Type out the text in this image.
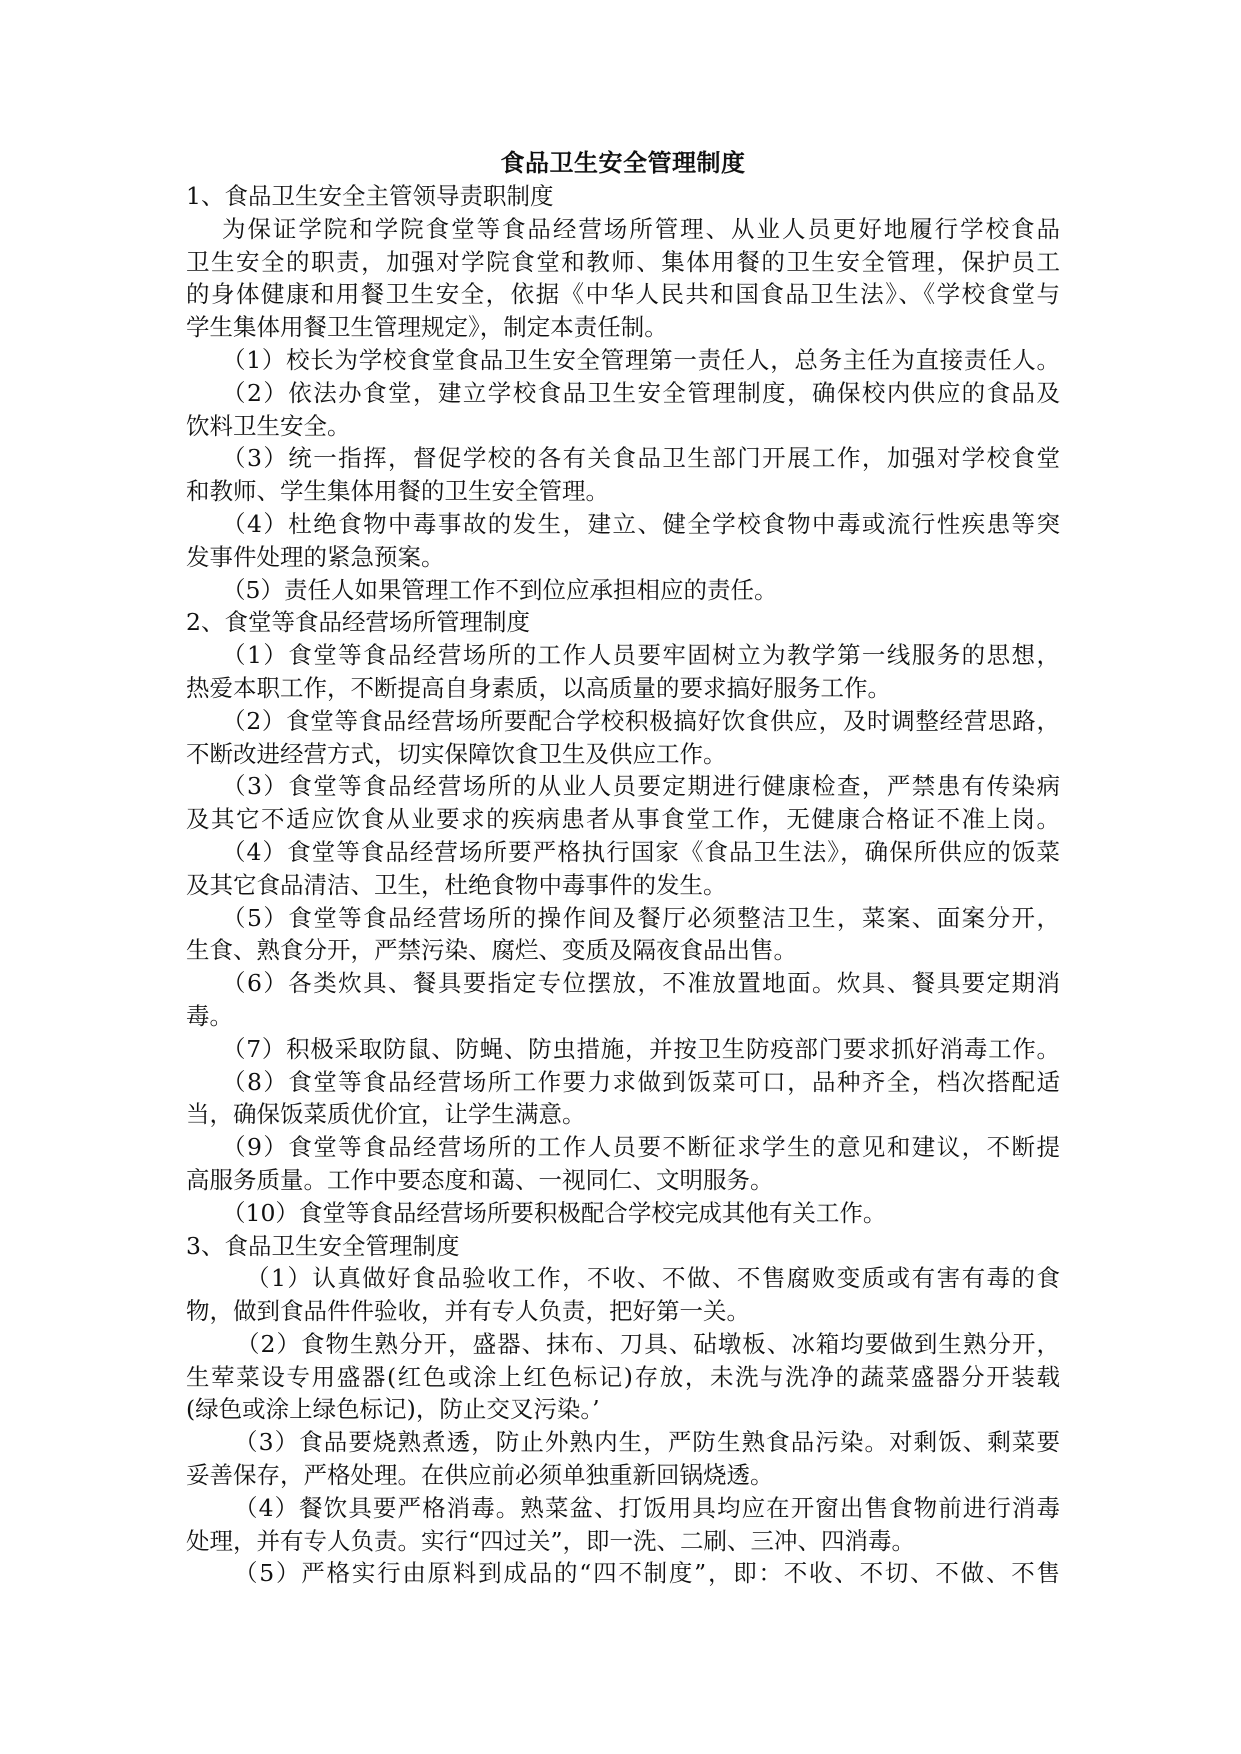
食品卫生安全管理制度

1、食品卫生安全主管领导责职制度

为保证学院和学院食堂等食品经营场所管理、从业人员更好地履行学校食品

卫生安全的职责，加强对学院食堂和教师、集体用餐的卫生安全管理，保护员工

的身体健康和用餐卫生安全，依据《中华人民共和国食品卫生法》、《学校食堂与

学生集体用餐卫生管理规定》，制定本责任制。

（1）校长为学校食堂食品卫生安全管理第一责任人，总务主任为直接责任人。

（2）依法办食堂，建立学校食品卫生安全管理制度，确保校内供应的食品及

饮料卫生安全。

（3）统一指挥，督促学校的各有关食品卫生部门开展工作，加强对学校食堂

和教师、学生集体用餐的卫生安全管理。

（4）杜绝食物中毒事故的发生，建立、健全学校食物中毒或流行性疾患等突

发事件处理的紧急预案。

（5）责任人如果管理工作不到位应承担相应的责任。

2、食堂等食品经营场所管理制度

（1）食堂等食品经营场所的工作人员要牢固树立为教学第一线服务的思想，

热爱本职工作，不断提高自身素质，以高质量的要求搞好服务工作。

（2）食堂等食品经营场所要配合学校积极搞好饮食供应，及时调整经营思路，

不断改进经营方式，切实保障饮食卫生及供应工作。

（3）食堂等食品经营场所的从业人员要定期进行健康检查，严禁患有传染病

及其它不适应饮食从业要求的疾病患者从事食堂工作，无健康合格证不准上岗。

（4）食堂等食品经营场所要严格执行国家《食品卫生法》，确保所供应的饭菜

及其它食品清洁、卫生，杜绝食物中毒事件的发生。

（5）食堂等食品经营场所的操作间及餐厅必须整洁卫生，菜案、面案分开，

生食、熟食分开，严禁污染、腐烂、变质及隔夜食品出售。

（6）各类炊具、餐具要指定专位摆放，不准放置地面。炊具、餐具要定期消

毒。

（7）积极采取防鼠、防蝇、防虫措施，并按卫生防疫部门要求抓好消毒工作。

（8）食堂等食品经营场所工作要力求做到饭菜可口，品种齐全，档次搭配适

当，确保饭菜质优价宜，让学生满意。

（9）食堂等食品经营场所的工作人员要不断征求学生的意见和建议，不断提

高服务质量。工作中要态度和蔼、一视同仁、文明服务。

（10）食堂等食品经营场所要积极配合学校完成其他有关工作。

3、食品卫生安全管理制度

（1）认真做好食品验收工作，不收、不做、不售腐败变质或有害有毒的食

物，做到食品件件验收，并有专人负责，把好第一关。

（2）食物生熟分开，盛器、抹布、刀具、砧墩板、冰箱均要做到生熟分开，

生荤菜设专用盛器(红色或涂上红色标记)存放，未洗与洗净的蔬菜盛器分开装载

(绿色或涂上绿色标记)，防止交叉污染。’

（3）食品要烧熟煮透，防止外熟内生，严防生熟食品污染。对剩饭、剩菜要

妥善保存，严格处理。在供应前必须单独重新回锅烧透。

（4）餐饮具要严格消毒。熟菜盆、打饭用具均应在开窗出售食物前进行消毒

处理，并有专人负责。实行“四过关”，即一洗、二刷、三冲、四消毒。

（5）严格实行由原料到成品的“四不制度”，即：不收、不切、不做、不售
